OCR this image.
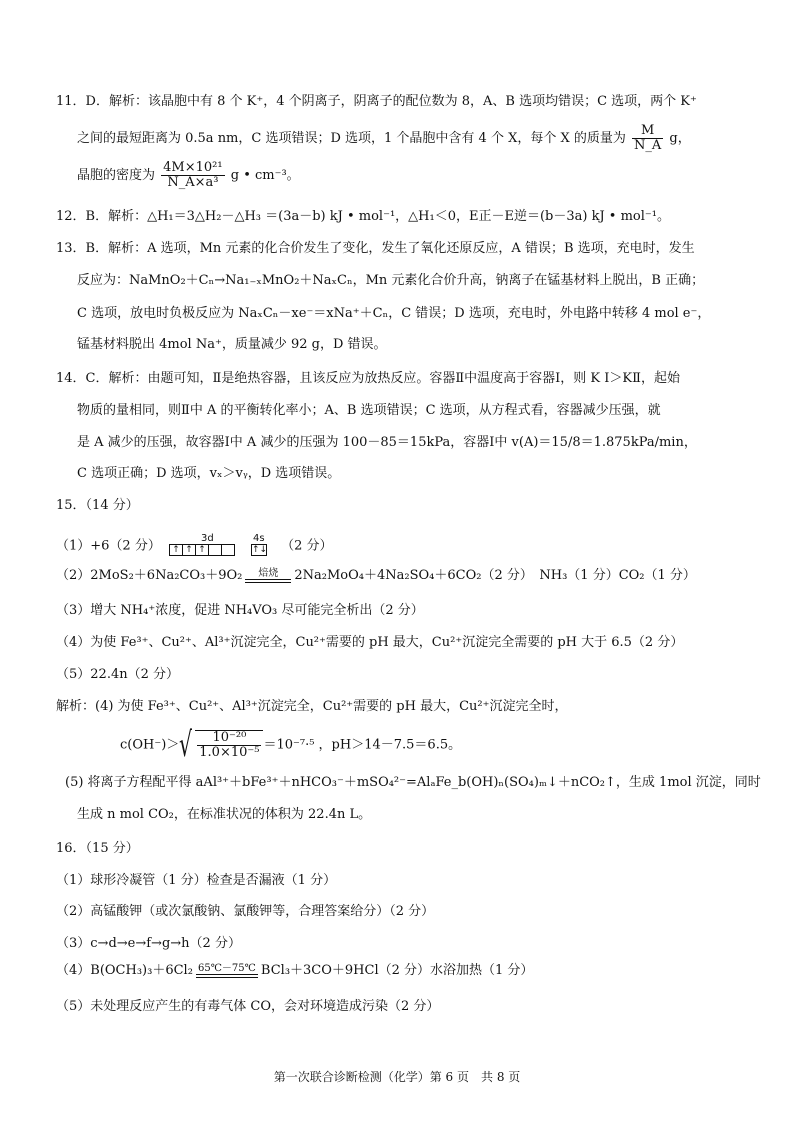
11．D．解析：该晶胞中有 8 个 K⁺，4 个阴离子，阴离子的配位数为 8，A、B 选项均错误；C 选项，两个 K⁺
之间的最短距离为 0.5a nm，C 选项错误；D 选项，1 个晶胞中含有 4 个 X，每个 X 的质量为 $\frac{M}{N\_A}$ g，
晶胞的密度为 $\frac{\text{4M×10²¹}}{\text{N\_A×a³}}$ g • cm⁻³。
12．B．解析：△H₁＝3△H₂－△H₃ ＝(3a－b) kJ • mol⁻¹，△H₁＜0，E正－E逆＝(b－3a) kJ • mol⁻¹。
13．B．解析：A 选项，Mn 元素的化合价发生了变化，发生了氧化还原反应，A 错误；B 选项，充电时，发生
反应为：NaMnO₂＋Cₙ→Na₁₋ₓMnO₂＋NaₓCₙ，Mn 元素化合价升高，钠离子在锰基材料上脱出，B 正确；
C 选项，放电时负极反应为 NaₓCₙ－xe⁻＝xNa⁺＋Cₙ，C 错误；D 选项，充电时，外电路中转移 4 mol e⁻，
锰基材料脱出 4mol Na⁺，质量减少 92 g，D 错误。
14．C．解析：由题可知，Ⅱ是绝热容器，且该反应为放热反应。容器Ⅱ中温度高于容器Ⅰ，则 K Ⅰ＞KⅡ，起始
物质的量相同，则Ⅱ中 A 的平衡转化率小；A、B 选项错误；C 选项，从方程式看，容器减少压强，就
是 A 减少的压强，故容器Ⅰ中 A 减少的压强为 100－85＝15kPa，容器Ⅰ中 v(A)＝15/8＝1.875kPa/min，
C 选项正确；D 选项，vₓ＞vᵧ，D 选项错误。
15．（14 分）
（1）+6（2 分）	3d	4s
↑ ↑ ↑	↑↓ （2 分）
（2）2MoS₂＋6Na₂CO₃＋9O₂	焙烧	2Na₂MoO₄＋4Na₂SO₄＋6CO₂（2 分）　NH₃（1 分）CO₂（1 分）
（3）增大 NH₄⁺浓度，促进 NH₄VO₃ 尽可能完全析出（2 分）
（4）为使 Fe³⁺、Cu²⁺、Al³⁺沉淀完全，Cu²⁺需要的 pH 最大，Cu²⁺沉淀完全需要的 pH 大于 6.5（2 分）
（5）22.4n（2 分）
解析：(4) 为使 Fe³⁺、Cu²⁺、Al³⁺沉淀完全，Cu²⁺需要的 pH 最大，Cu²⁺沉淀完全时，
c(OH⁻)＞ √ $\frac{\text{10⁻²⁰}}{\text{1.0×10⁻⁵}} =10^{-7}\cdot^5$ ，pH＞14－7.5＝6.5。
(5) 将离子方程配平得 aAl³⁺＋bFe³⁺＋nHCO₃⁻＋mSO₄²⁻=AlₐFe_b(OH)ₙ(SO₄)ₘ↓＋nCO₂↑，生成 1mol 沉淀，同时
生成 n mol CO₂，在标准状况的体积为 22.4n L。
16．（15 分）
（1）球形冷凝管（1 分）检查是否漏液（1 分）
（2）高锰酸钾（或次氯酸钠、氯酸钾等，合理答案给分）（2 分）
（3）c→d→e→f→g→h（2 分）
（4）B(OCH₃)₃＋6Cl₂ 65℃－75℃ BCl₃＋3CO＋9HCl（2 分）水浴加热（1 分）
（5）未处理反应产生的有毒气体 CO，会对环境造成污染（2 分）
第一次联合诊断检测（化学）第 6 页　共 8 页
